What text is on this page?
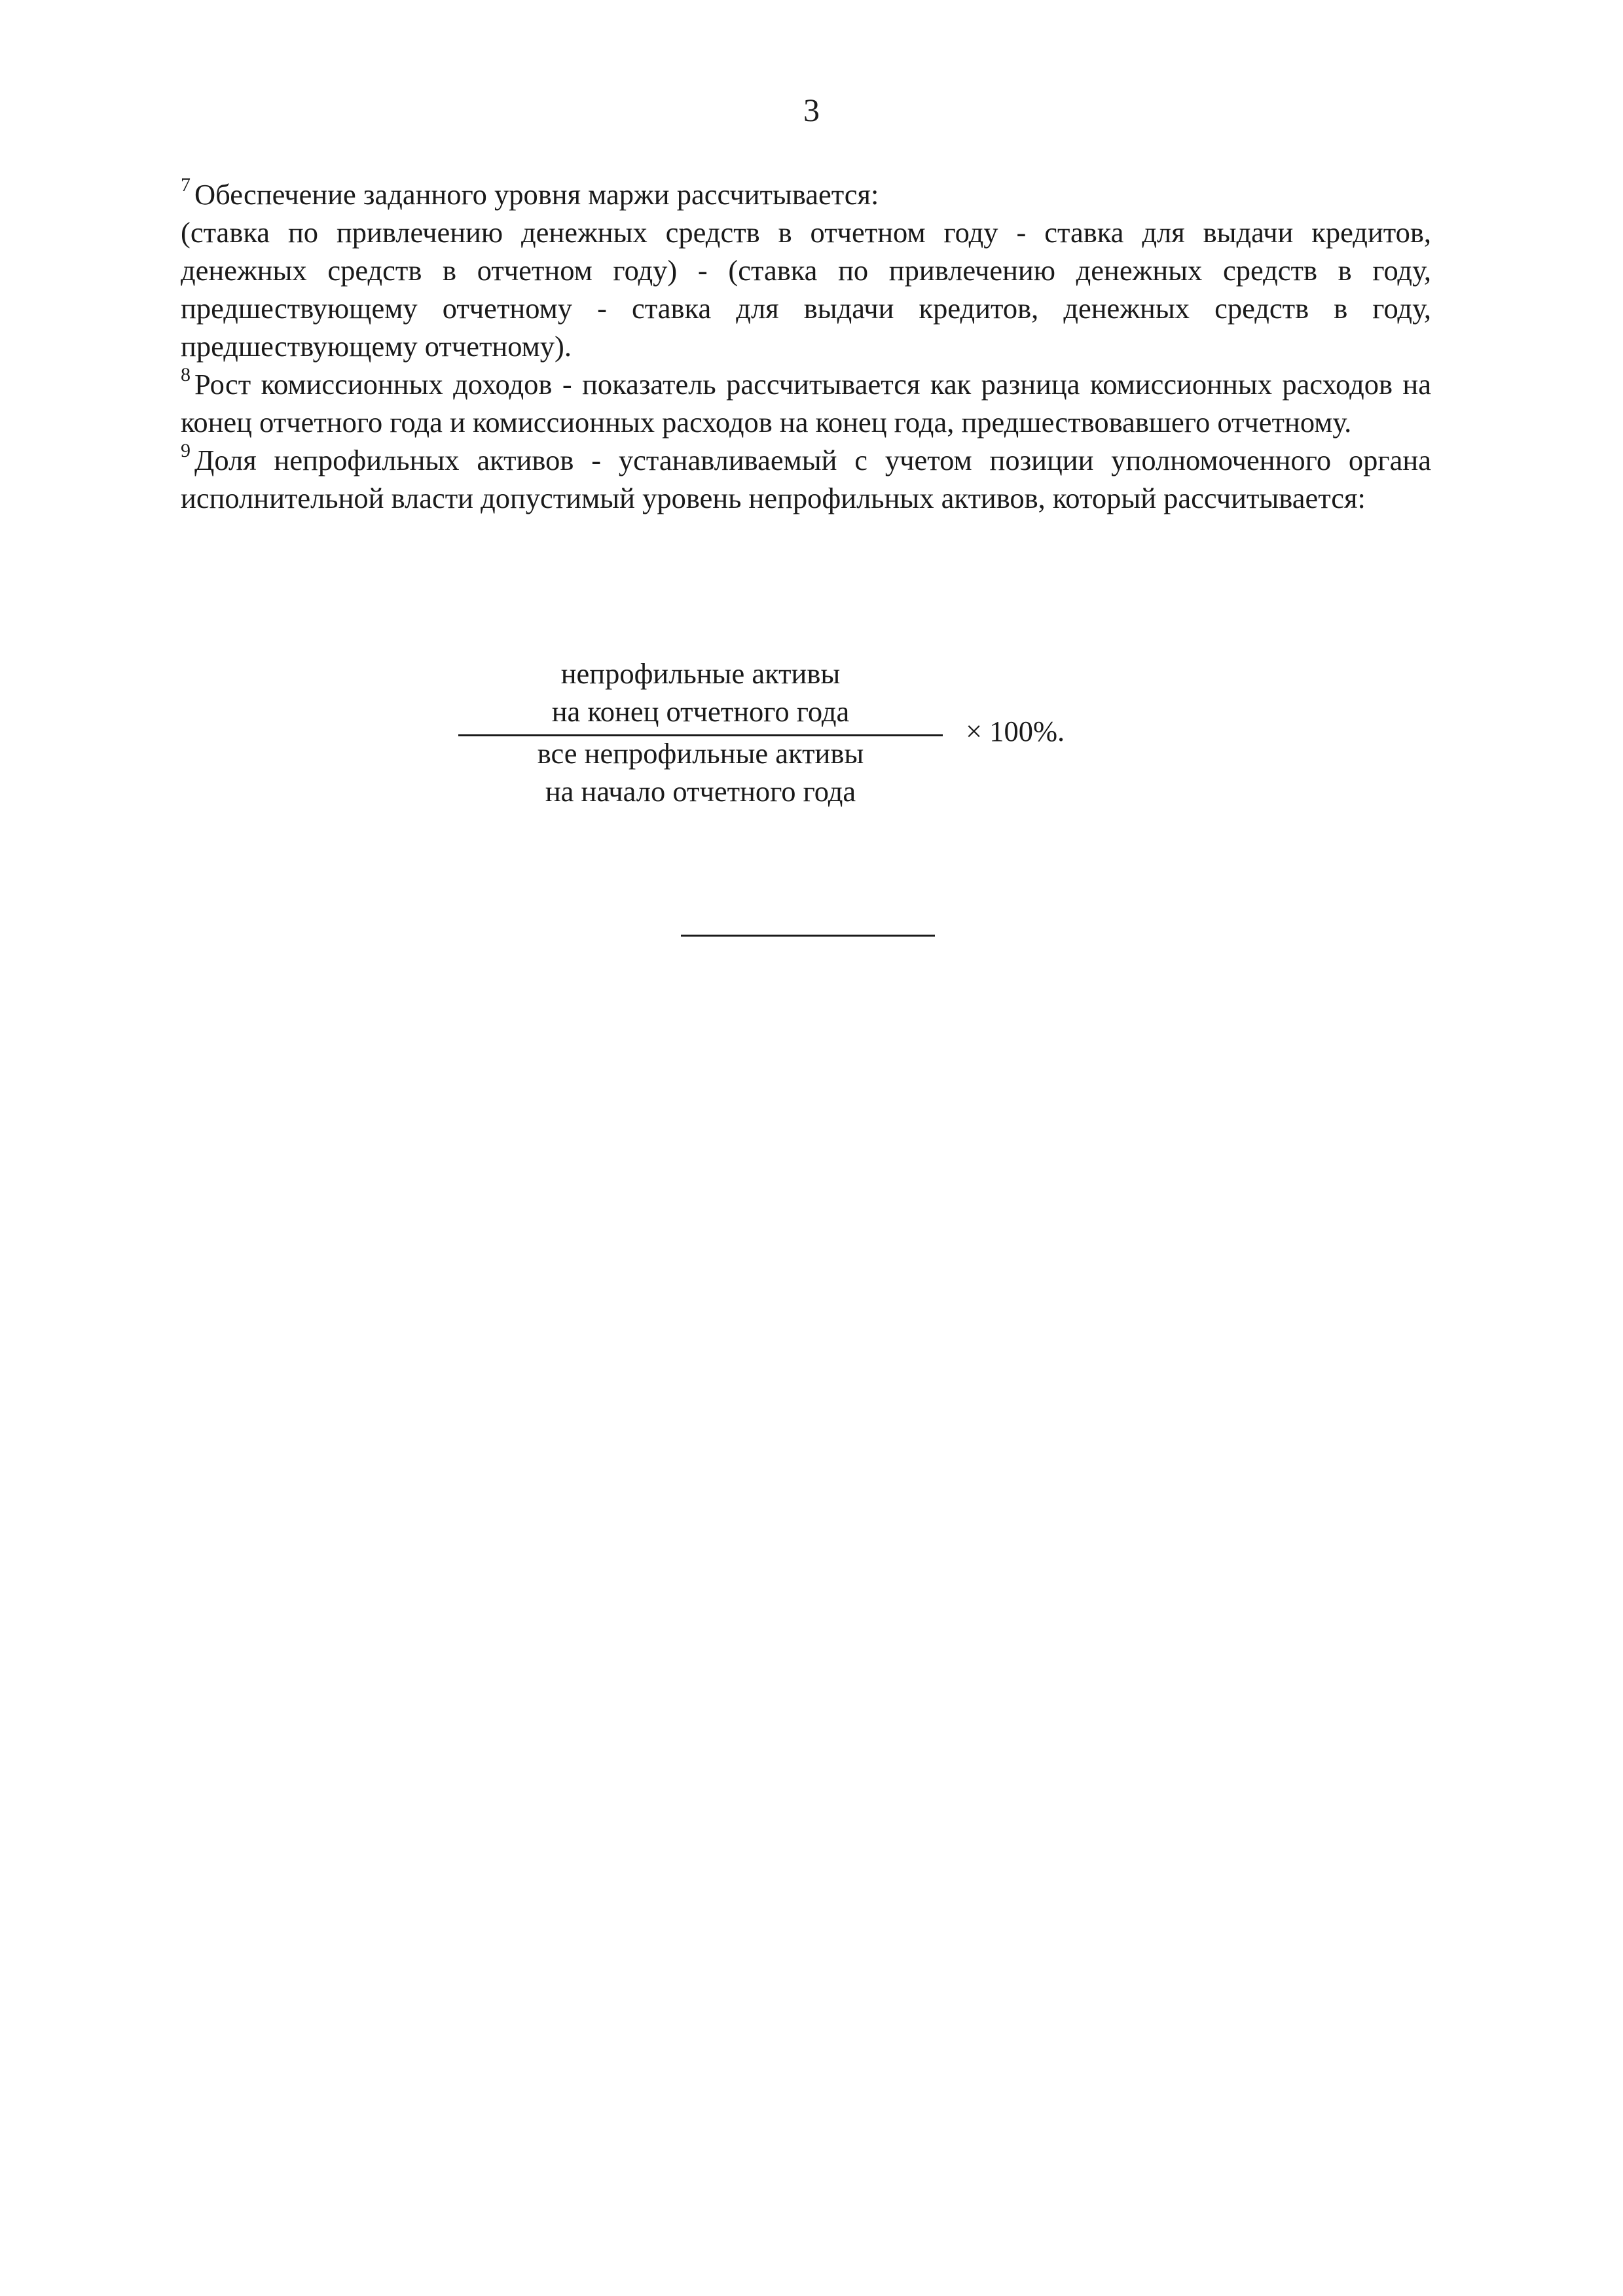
3

$^7$ Обеспечение заданного уровня маржи рассчитывается:
(ставка по привлечению денежных средств в отчетном году - ставка для выдачи кредитов, денежных средств в отчетном году) - (ставка по привлечению денежных средств в году, предшествующему отчетному - ставка для выдачи кредитов, денежных средств в году, предшествующему отчетному).

$^8$ Рост комиссионных доходов - показатель рассчитывается как разница комиссионных расходов на конец отчетного года и комиссионных расходов на конец года, предшествовавшего отчетному.

$^9$ Доля непрофильных активов - устанавливаемый с учетом позиции уполномоченного органа исполнительной власти допустимый уровень непрофильных активов, который рассчитывается:

непрофильные активы
на конец отчетного года
все непрофильные активы
на начало отчетного года
× 100%.
